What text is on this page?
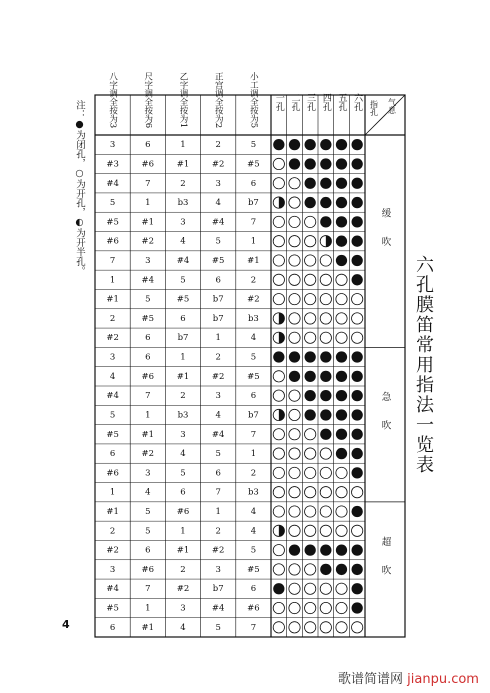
六孔膜笛常用指法一览表
气息
指孔
六孔
五孔
四孔
三孔
二孔
一孔
小工调全按为5
正宫调全按为2
乙字调全按为1
尺字调全按为6
八字调全按为3
缓　　吹
急　　吹
超　　吹
5
2
1
6
3
#5
#2
#1
#6
#3
6
3
2
7
#4
b7
4
b3
1
5
7
#4
3
#1
#5
1
5
4
#2
#6
#1
#5
#4
3
7
2
6
5
#4
1
#2
b7
#5
5
#1
b3
b7
6
#5
2
4
1
b7
6
#2
5
2
1
6
3
#5
#2
#1
#6
4
6
3
2
7
#4
b7
4
b3
1
5
7
#4
3
#1
#5
1
5
4
#2
6
2
6
5
3
#6
b3
7
6
4
1
4
1
#6
5
#1
4
2
1
5
2
5
#2
#1
6
#2
#5
3
2
#6
3
6
b7
#2
7
#4
#6
#4
3
1
#5
7
5
4
#1
6
注：●为闭孔，○为开孔，◐为开半孔。
4
歌谱简谱网 jianpu.com
